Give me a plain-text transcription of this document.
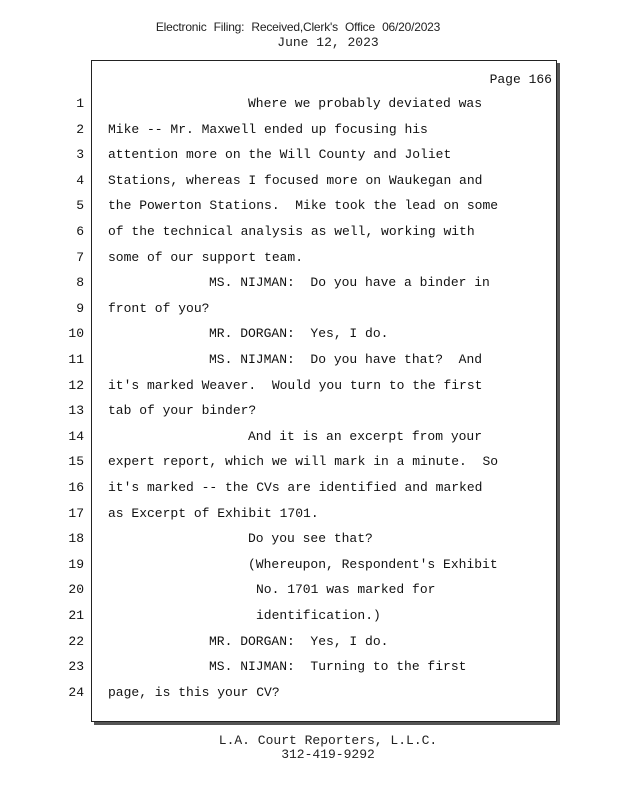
Electronic Filing: Received,Clerk's Office 06/20/2023
June 12, 2023
Page 166
1	Where we probably deviated was
2 Mike -- Mr. Maxwell ended up focusing his
3 attention more on the Will County and Joliet
4 Stations, whereas I focused more on Waukegan and
5 the Powerton Stations.  Mike took the lead on some
6 of the technical analysis as well, working with
7 some of our support team.
8	MS. NIJMAN:  Do you have a binder in
9 front of you?
10	MR. DORGAN:  Yes, I do.
11	MS. NIJMAN:  Do you have that?  And
12 it's marked Weaver.  Would you turn to the first
13 tab of your binder?
14	And it is an excerpt from your
15 expert report, which we will mark in a minute.  So
16 it's marked -- the CVs are identified and marked
17 as Excerpt of Exhibit 1701.
18	Do you see that?
19	(Whereupon, Respondent's Exhibit
20	No. 1701 was marked for
21	identification.)
22	MR. DORGAN:  Yes, I do.
23	MS. NIJMAN:  Turning to the first
24 page, is this your CV?
L.A. Court Reporters, L.L.C.
312-419-9292
